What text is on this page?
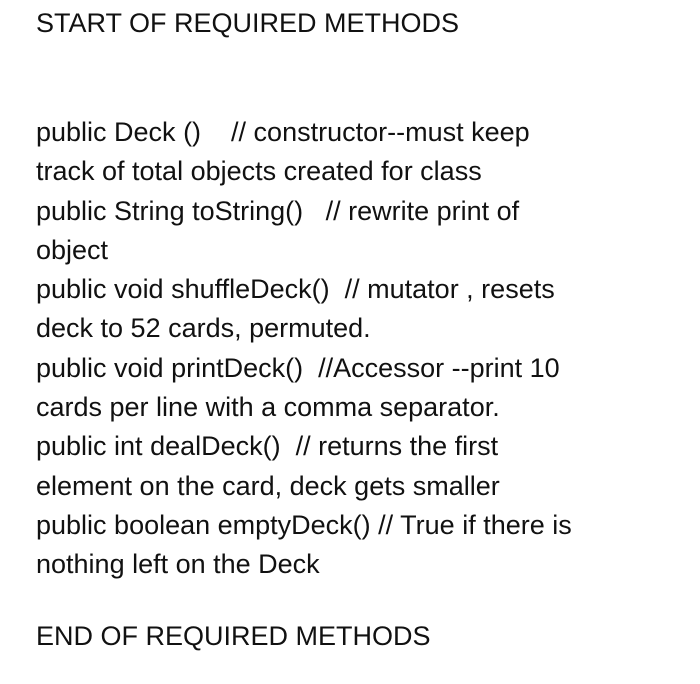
START OF REQUIRED METHODS
public Deck ()    // constructor--must keep
track of total objects created for class
public String toString()   // rewrite print of
object
public void shuffleDeck()  // mutator , resets
deck to 52 cards, permuted.
public void printDeck()  //Accessor --print 10
cards per line with a comma separator.
public int dealDeck()  // returns the first
element on the card, deck gets smaller
public boolean emptyDeck() // True if there is
nothing left on the Deck
END OF REQUIRED METHODS
